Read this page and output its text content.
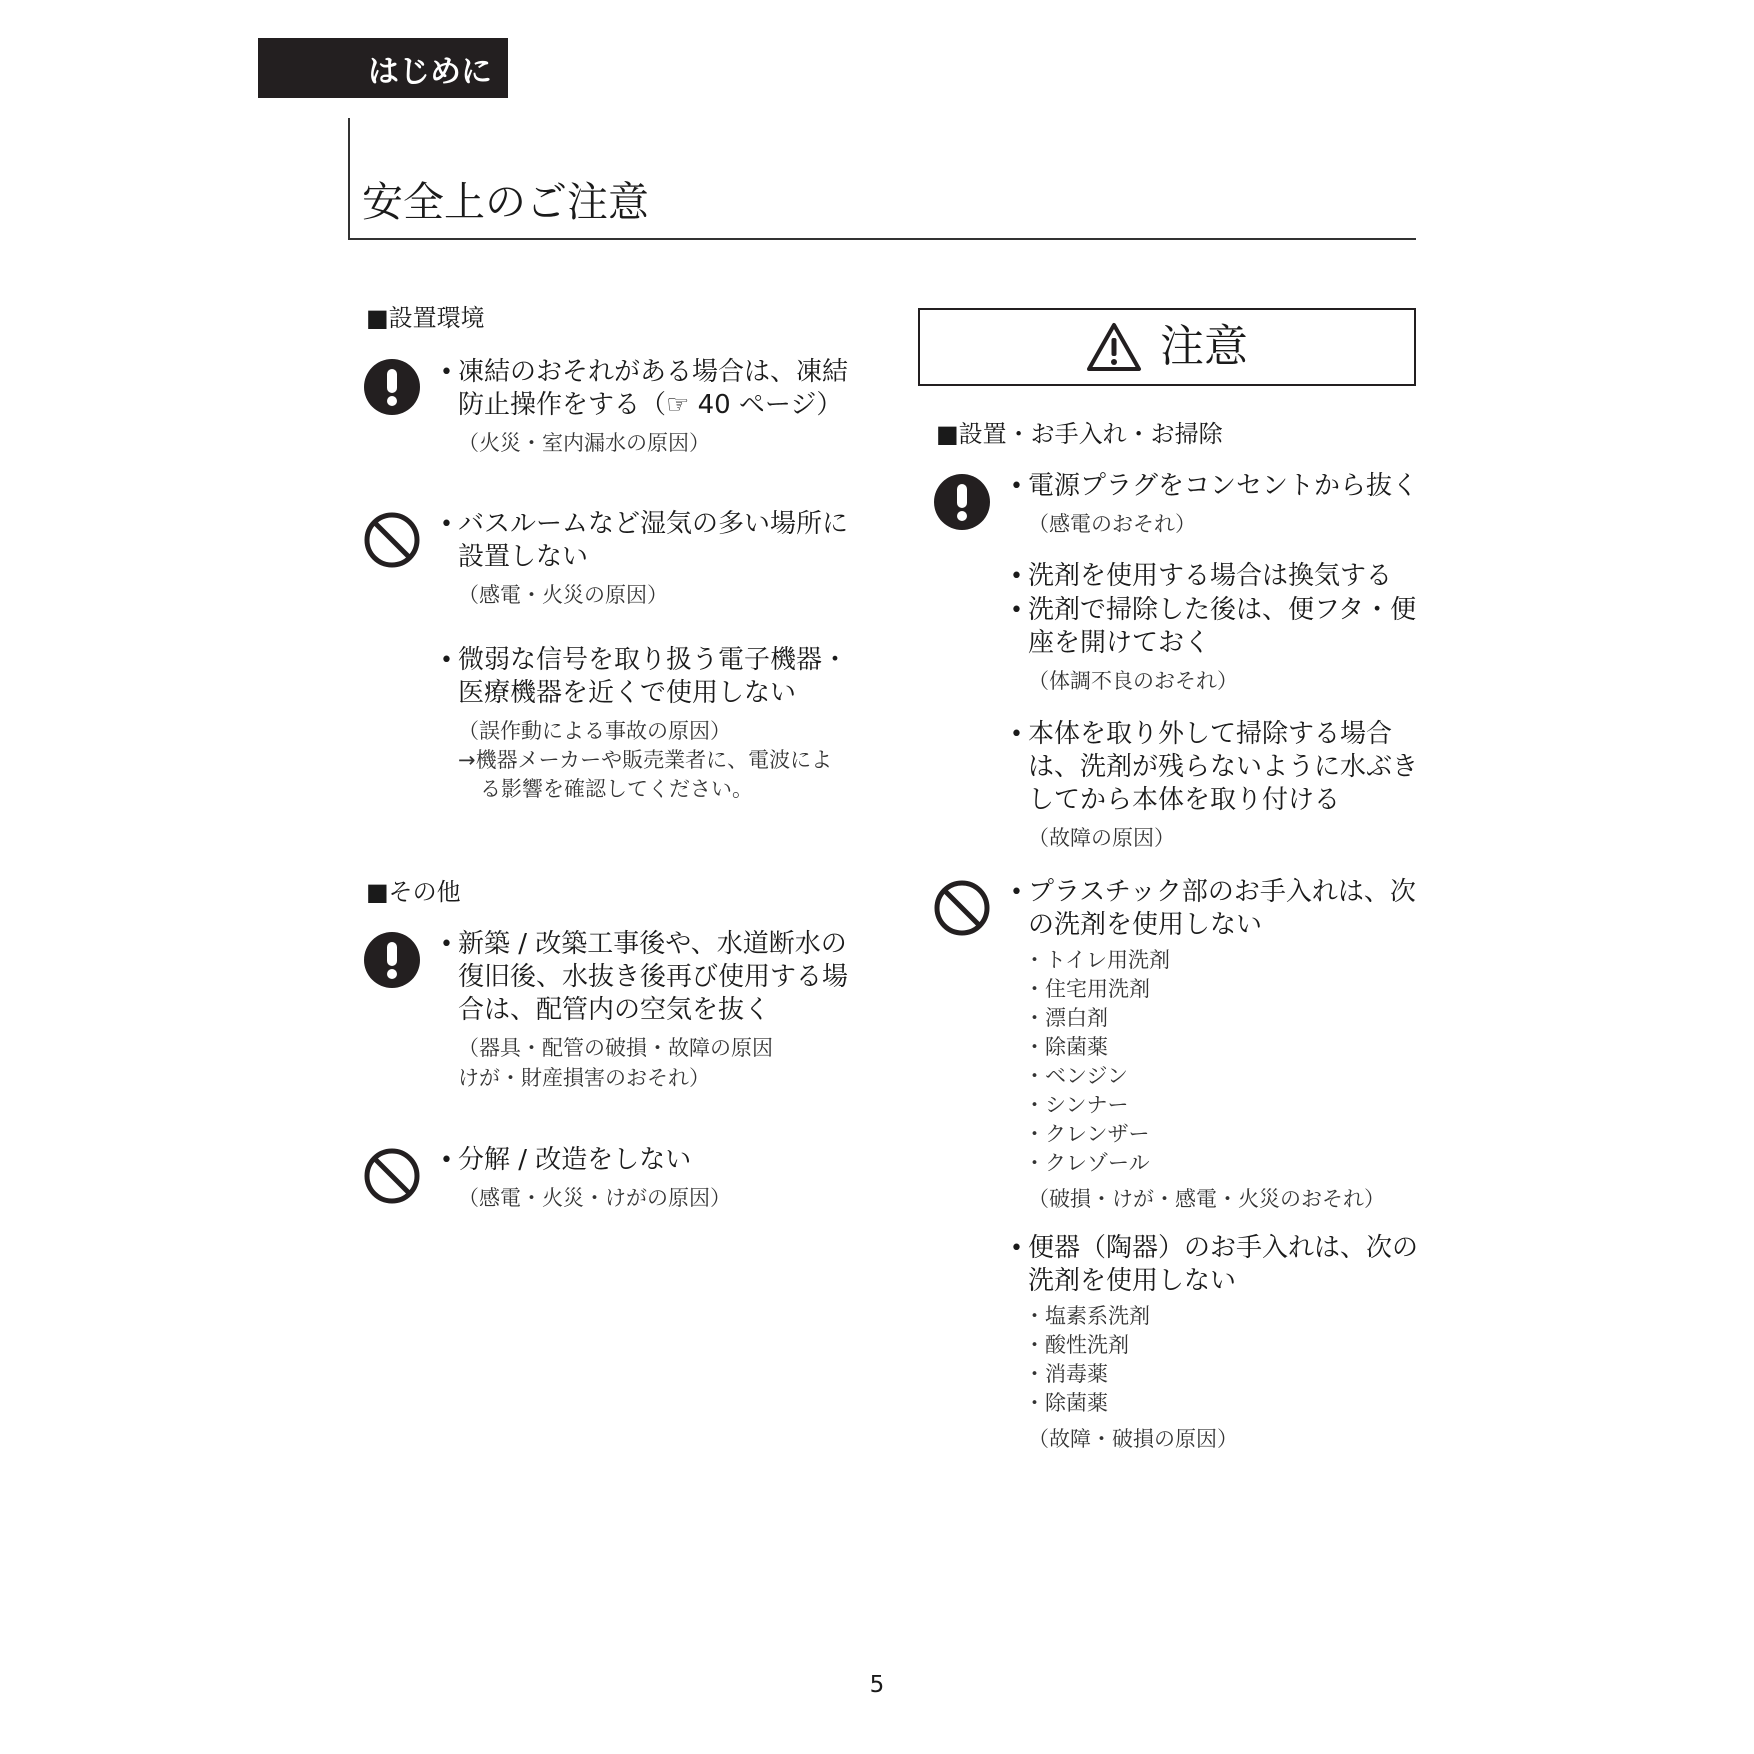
はじめに
安全上のご注意
■設置環境
• 凍結のおそれがある場合は、凍結防止操作をする（☞ 40 ページ）
（火災・室内漏水の原因）
• バスルームなど湿気の多い場所に設置しない
（感電・火災の原因）
• 微弱な信号を取り扱う電子機器・医療機器を近くで使用しない
（誤作動による事故の原因）
→機器メーカーや販売業者に、電波による影響を確認してください。
■その他
• 新築 / 改築工事後や、水道断水の復旧後、水抜き後再び使用する場合は、配管内の空気を抜く
（器具・配管の破損・故障の原因 けが・財産損害のおそれ）
• 分解 / 改造をしない
（感電・火災・けがの原因）
注意
■設置・お手入れ・お掃除
• 電源プラグをコンセントから抜く
（感電のおそれ）
• 洗剤を使用する場合は換気する
• 洗剤で掃除した後は、便フタ・便座を開けておく
（体調不良のおそれ）
• 本体を取り外して掃除する場合は、洗剤が残らないように水ぶきしてから本体を取り付ける
（故障の原因）
• プラスチック部のお手入れは、次の洗剤を使用しない
・ トイレ用洗剤
・ 住宅用洗剤
・ 漂白剤
・ 除菌薬
・ ベンジン
・ シンナー
・ クレンザー
・ クレゾール
（破損・けが・感電・火災のおそれ）
• 便器（陶器）のお手入れは、次の洗剤を使用しない
・ 塩素系洗剤
・ 酸性洗剤
・ 消毒薬
・ 除菌薬
（故障・破損の原因）
5
